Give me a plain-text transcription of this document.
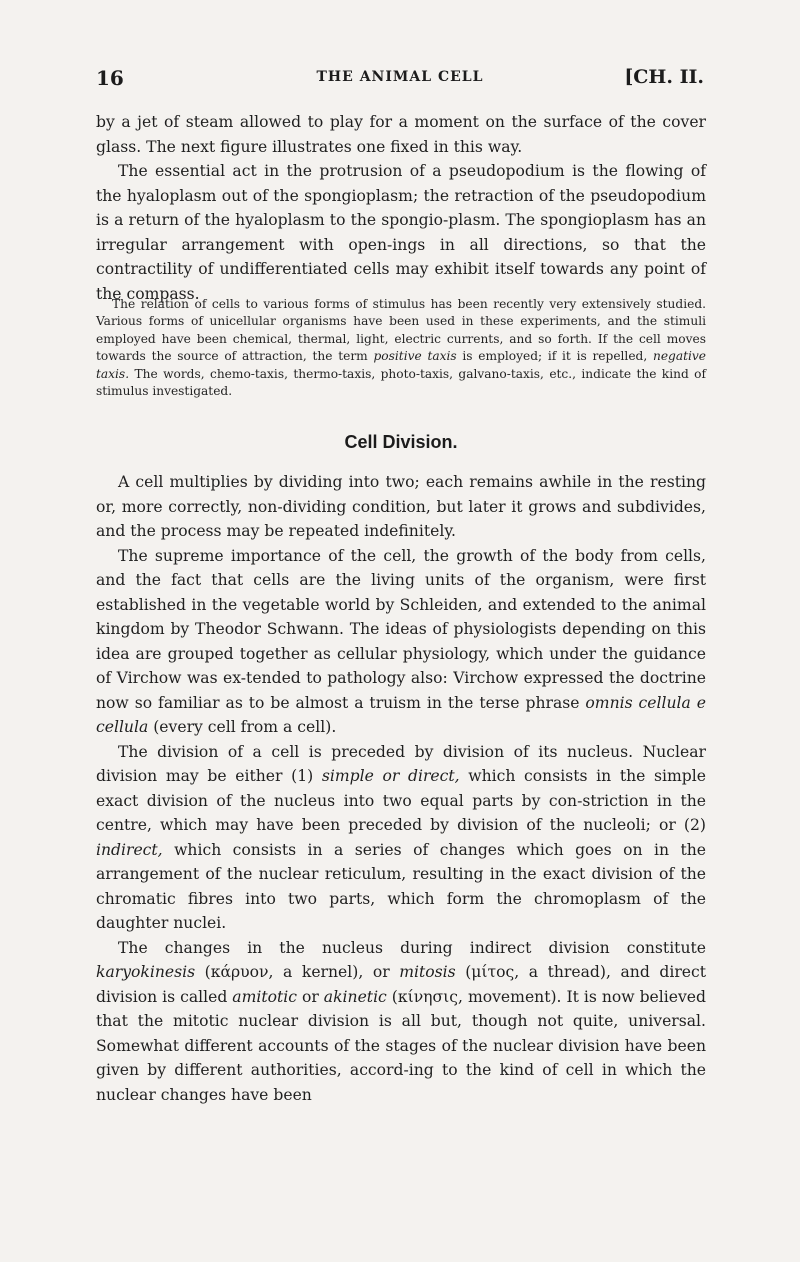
16	THE ANIMAL CELL	[CH. II.

by a jet of steam allowed to play for a moment on the surface of the cover glass. The next figure illustrates one fixed in this way.

The essential act in the protrusion of a pseudopodium is the flowing of the hyaloplasm out of the spongioplasm; the retraction of the pseudopodium is a return of the hyaloplasm to the spongio-plasm. The spongioplasm has an irregular arrangement with open-ings in all directions, so that the contractility of undifferentiated cells may exhibit itself towards any point of the compass.

The relation of cells to various forms of stimulus has been recently very extensively studied. Various forms of unicellular organisms have been used in these experiments, and the stimuli employed have been chemical, thermal, light, electric currents, and so forth. If the cell moves towards the source of attraction, the term positive taxis is employed; if it is repelled, negative taxis. The words, chemo-taxis, thermo-taxis, photo-taxis, galvano-taxis, etc., indicate the kind of stimulus investigated.

Cell Division.

A cell multiplies by dividing into two; each remains awhile in the resting or, more correctly, non-dividing condition, but later it grows and subdivides, and the process may be repeated indefinitely.

The supreme importance of the cell, the growth of the body from cells, and the fact that cells are the living units of the organism, were first established in the vegetable world by Schleiden, and extended to the animal kingdom by Theodor Schwann. The ideas of physiologists depending on this idea are grouped together as cellular physiology, which under the guidance of Virchow was ex-tended to pathology also: Virchow expressed the doctrine now so familiar as to be almost a truism in the terse phrase omnis cellula e cellula (every cell from a cell).

The division of a cell is preceded by division of its nucleus. Nuclear division may be either (1) simple or direct, which consists in the simple exact division of the nucleus into two equal parts by con-striction in the centre, which may have been preceded by division of the nucleoli; or (2) indirect, which consists in a series of changes which goes on in the arrangement of the nuclear reticulum, resulting in the exact division of the chromatic fibres into two parts, which form the chromoplasm of the daughter nuclei.

The changes in the nucleus during indirect division constitute karyokinesis (κάρυον, a kernel), or mitosis (μίτος, a thread), and direct division is called amitotic or akinetic (κίνησις, movement). It is now believed that the mitotic nuclear division is all but, though not quite, universal. Somewhat different accounts of the stages of the nuclear division have been given by different authorities, accord-ing to the kind of cell in which the nuclear changes have been
